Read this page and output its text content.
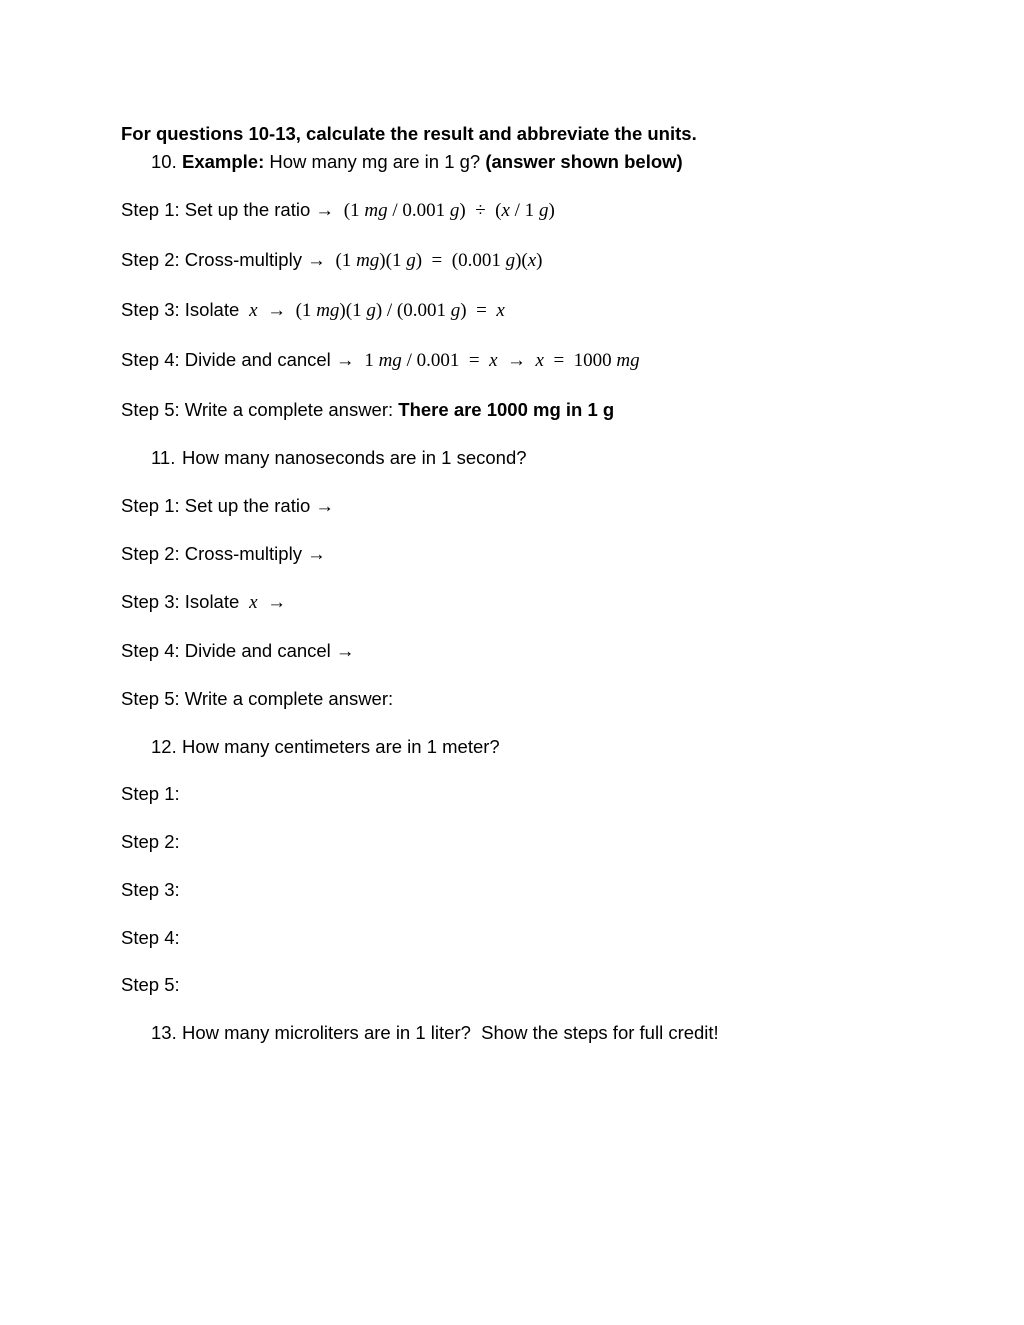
For questions 10-13, calculate the result and abbreviate the units.
10. Example: How many mg are in 1 g? (answer shown below)
Step 1: Set up the ratio →  (1 mg / 0.001 g)  ÷  (x / 1 g)
Step 2: Cross-multiply →  (1 mg)(1 g)  =  (0.001 g)(x)
Step 3: Isolate x  →  (1 mg)(1 g) / (0.001 g)  =  x
Step 4: Divide and cancel →  1 mg / 0.001  =  x  →  x  =  1000 mg
Step 5: Write a complete answer: There are 1000 mg in 1 g
11. How many nanoseconds are in 1 second?
Step 1: Set up the ratio →
Step 2: Cross-multiply →
Step 3: Isolate x →
Step 4: Divide and cancel →
Step 5: Write a complete answer:
12. How many centimeters are in 1 meter?
Step 1:
Step 2:
Step 3:
Step 4:
Step 5:
13. How many microliters are in 1 liter?  Show the steps for full credit!
